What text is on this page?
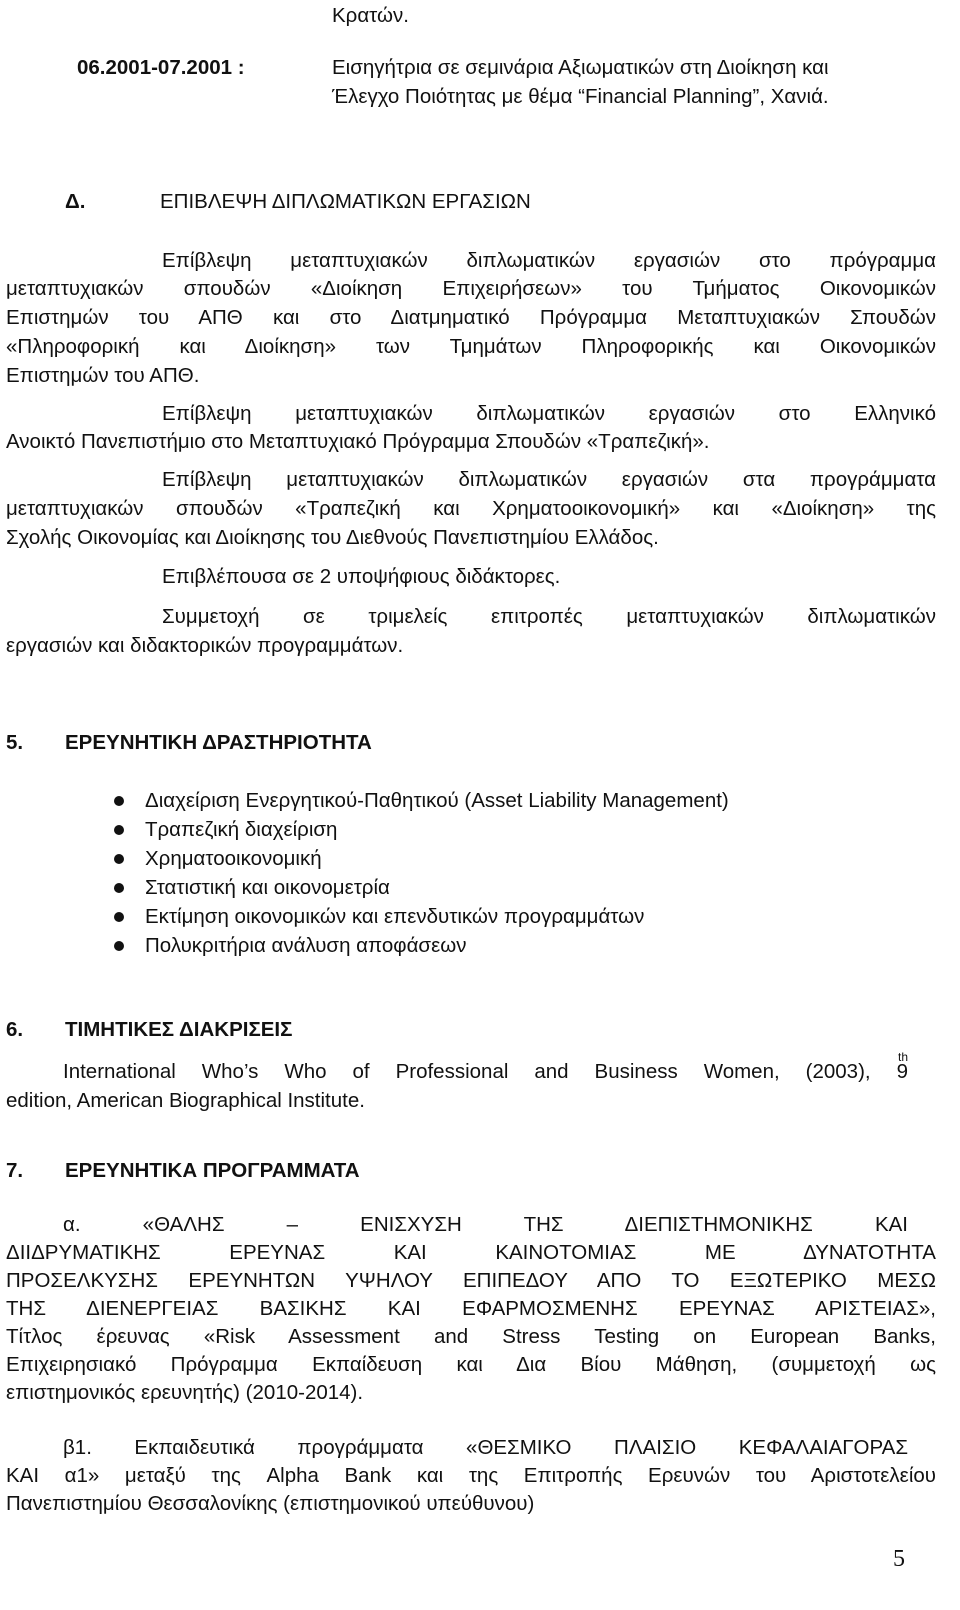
Κρατών.
06.2001-07.2001 :	Εισηγήτρια σε σεμινάρια Αξιωματικών στη Διοίκηση και
Έλεγχο Ποιότητας με θέμα “Financial Planning”, Χανιά.
Δ.	ΕΠΙΒΛΕΨΗ ΔΙΠΛΩΜΑΤΙΚΩΝ ΕΡΓΑΣΙΩΝ
Επίβλεψη μεταπτυχιακών διπλωματικών εργασιών στο πρόγραμμα
μεταπτυχιακών σπουδών «Διοίκηση Επιχειρήσεων» του Τμήματος Οικονομικών
Επιστημών του ΑΠΘ και στο Διατμηματικό Πρόγραμμα Μεταπτυχιακών Σπουδών
«Πληροφορική και Διοίκηση» των Τμημάτων Πληροφορικής και Οικονομικών
Επιστημών του ΑΠΘ.
Επίβλεψη μεταπτυχιακών διπλωματικών εργασιών στο Ελληνικό
Ανοικτό Πανεπιστήμιο στο Μεταπτυχιακό Πρόγραμμα Σπουδών «Τραπεζική».
Επίβλεψη μεταπτυχιακών διπλωματικών εργασιών στα προγράμματα
μεταπτυχιακών σπουδών «Τραπεζική και Χρηματοοικονομική» και «Διοίκηση» της
Σχολής Οικονομίας και Διοίκησης του Διεθνούς Πανεπιστημίου Ελλάδος.
Επιβλέπουσα σε 2 υποψήφιους διδάκτορες.
Συμμετοχή σε τριμελείς επιτροπές μεταπτυχιακών διπλωματικών
εργασιών και διδακτορικών προγραμμάτων.
5. ΕΡΕΥΝΗΤΙΚΗ ΔΡΑΣΤΗΡΙΟΤΗΤΑ
Διαχείριση Ενεργητικού-Παθητικού (Asset Liability Management)
Τραπεζική διαχείριση
Χρηματοοικονομική
Στατιστική και οικονομετρία
Εκτίμηση οικονομικών και επενδυτικών προγραμμάτων
Πολυκριτήρια ανάλυση αποφάσεων
6. ΤΙΜΗΤΙΚΕΣ ΔΙΑΚΡΙΣΕΙΣ
International Who’s Who of Professional and Business Women, (2003), 9
th
edition, American Biographical Institute.
7. ΕΡΕΥΝΗΤΙΚΑ ΠΡΟΓΡΑΜΜΑΤΑ
α. «ΘΑΛΗΣ – ΕΝΙΣΧΥΣΗ ΤΗΣ ΔΙΕΠΙΣΤΗΜΟΝΙΚΗΣ ΚΑΙ
ΔΙΙΔΡΥΜΑΤΙΚΗΣ ΕΡΕΥΝΑΣ ΚΑΙ ΚΑΙΝΟΤΟΜΙΑΣ ΜΕ ΔΥΝΑΤΟΤΗΤΑ
ΠΡΟΣΕΛΚΥΣΗΣ ΕΡΕΥΝΗΤΩΝ ΥΨΗΛΟΥ ΕΠΙΠΕΔΟΥ ΑΠΟ ΤΟ ΕΞΩΤΕΡΙΚΟ ΜΕΣΩ
ΤΗΣ ΔΙΕΝΕΡΓΕΙΑΣ ΒΑΣΙΚΗΣ ΚΑΙ ΕΦΑΡΜΟΣΜΕΝΗΣ ΕΡΕΥΝΑΣ ΑΡΙΣΤΕΙΑΣ»,
Τίτλος έρευνας «Risk Assessment and Stress Testing on European Banks,
Επιχειρησιακό Πρόγραμμα Εκπαίδευση και Δια Βίου Μάθηση, (συμμετοχή ως
επιστημονικός ερευνητής) (2010-2014).
β1. Εκπαιδευτικά προγράμματα «ΘΕΣΜΙΚΟ ΠΛΑΙΣΙΟ ΚΕΦΑΛΑΙΑΓΟΡΑΣ
ΚΑΙ α1» μεταξύ της Alpha Bank και της Επιτροπής Ερευνών του Αριστοτελείου
Πανεπιστημίου Θεσσαλονίκης (επιστημονικού υπεύθυνου)
5
